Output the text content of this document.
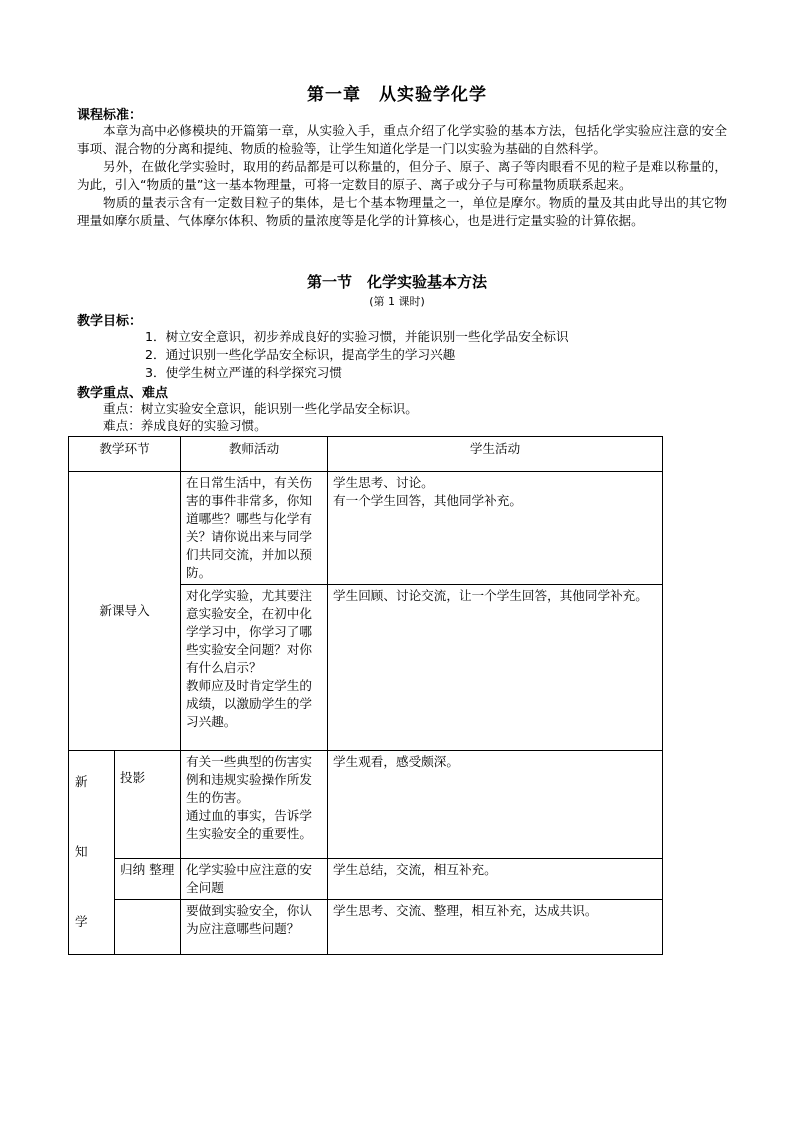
第一章　从实验学化学
课程标准：

本章为高中必修模块的开篇第一章，从实验入手，重点介绍了化学实验的基本方法，包括化学实验应注意的安全事项、混合物的分离和提纯、物质的检验等，让学生知道化学是一门以实验为基础的自然科学。

另外，在做化学实验时，取用的药品都是可以称量的，但分子、原子、离子等肉眼看不见的粒子是难以称量的，为此，引入“物质的量”这一基本物理量，可将一定数目的原子、离子或分子与可称量物质联系起来。

物质的量表示含有一定数目粒子的集体，是七个基本物理量之一，单位是摩尔。物质的量及其由此导出的其它物理量如摩尔质量、气体摩尔体积、物质的量浓度等是化学的计算核心，也是进行定量实验的计算依据。

第一节　化学实验基本方法
(第 1 课时)
教学目标：
1．树立安全意识，初步养成良好的实验习惯，并能识别一些化学品安全标识
2．通过识别一些化学品安全标识，提高学生的学习兴趣
3．使学生树立严谨的科学探究习惯
教学重点、难点
重点：树立实验安全意识，能识别一些化学品安全标识。
难点：养成良好的实验习惯。
教学环节		教师活动	学生活动
新课导入		在日常生活中，有关伤害的事件非常多，你知道哪些？哪些与化学有关？请你说出来与同学们共同交流，并加以预防。	学生思考、讨论。
有一个学生回答，其他同学补充。
		对化学实验，尤其要注意实验安全，在初中化学学习中，你学习了哪些实验安全问题？对你有什么启示？
教师应及时肯定学生的成绩，以激励学生的学习兴趣。	学生回顾、讨论交流，让一个学生回答，其他同学补充。

新
知
学	投影	有关一些典型的伤害实例和违规实验操作所发生的伤害。
通过血的事实，告诉学生实验安全的重要性。	学生观看，感受颇深。
	归纳 整理	化学实验中应注意的安全问题	学生总结，交流，相互补充。
		要做到实验安全，你认为应注意哪些问题？	学生思考、交流、整理，相互补充，达成共识。
